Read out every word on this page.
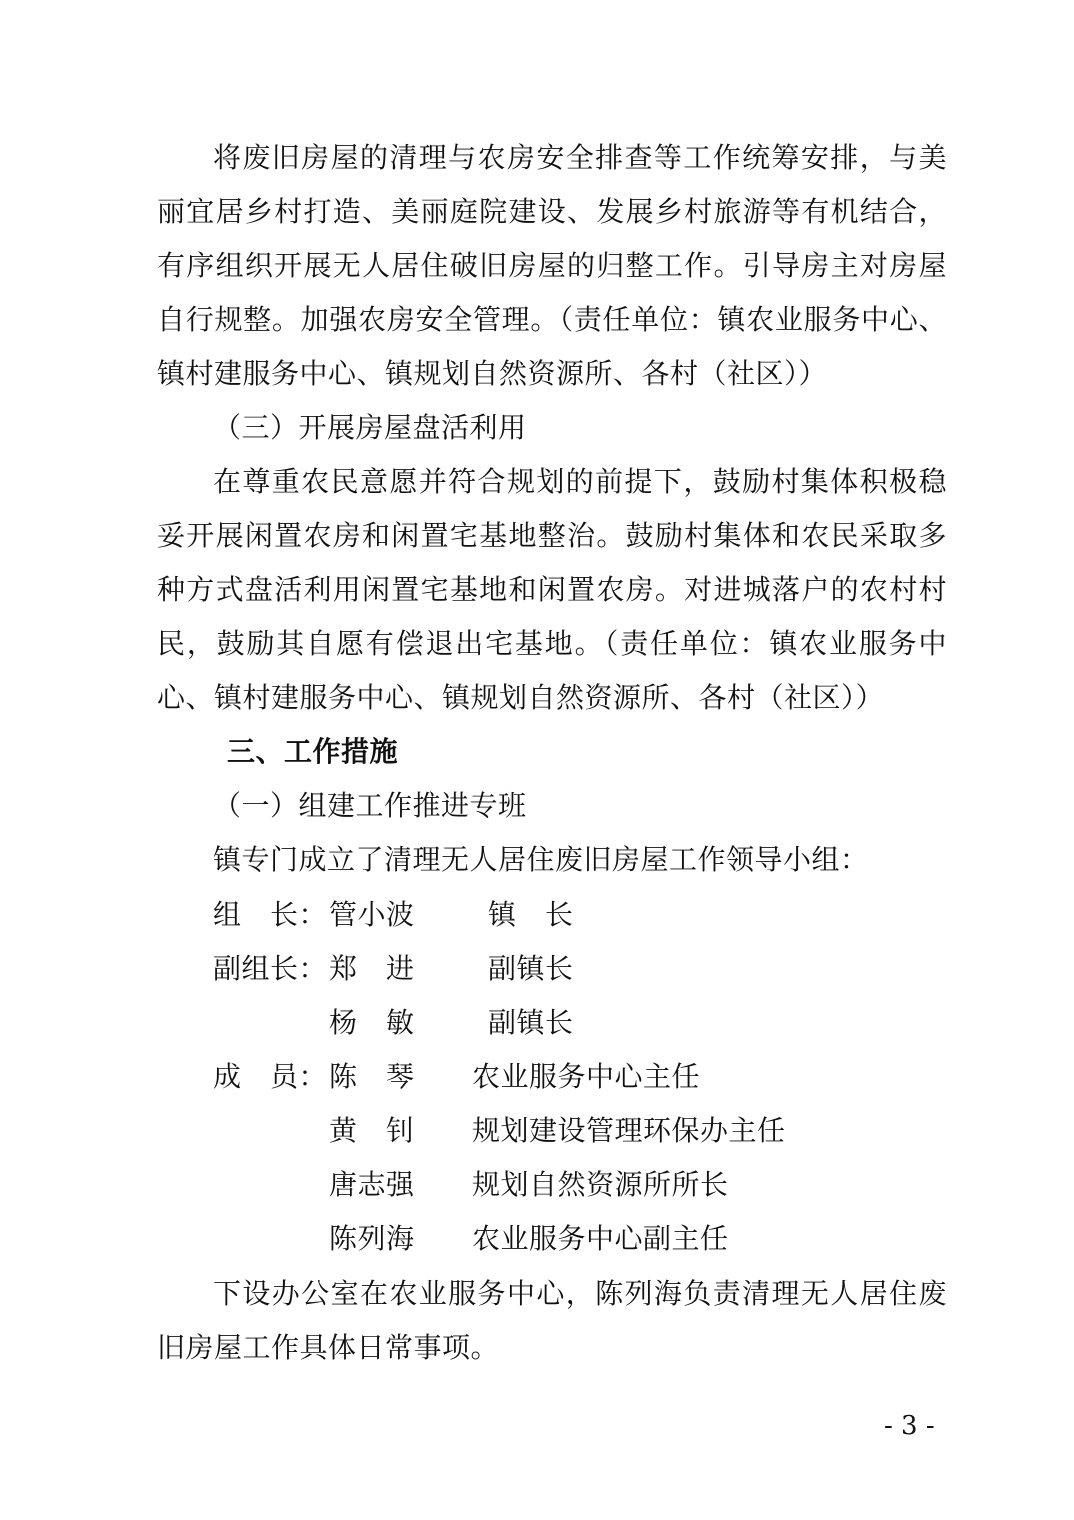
将废旧房屋的清理与农房安全排查等工作统筹安排，与美
丽宜居乡村打造、美丽庭院建设、发展乡村旅游等有机结合，
有序组织开展无人居住破旧房屋的归整工作。引导房主对房屋
自行规整。加强农房安全管理。（责任单位：镇农业服务中心、
镇村建服务中心、镇规划自然资源所、各村（社区））
（三）开展房屋盘活利用
在尊重农民意愿并符合规划的前提下，鼓励村集体积极稳
妥开展闲置农房和闲置宅基地整治。鼓励村集体和农民采取多
种方式盘活利用闲置宅基地和闲置农房。对进城落户的农村村
民，鼓励其自愿有偿退出宅基地。（责任单位：镇农业服务中
心、镇村建服务中心、镇规划自然资源所、各村（社区））
三、工作措施
（一）组建工作推进专班
镇专门成立了清理无人居住废旧房屋工作领导小组：
组　长： 管小波	镇　长
副组长： 郑　进	副镇长
杨　敏	副镇长
成　员： 陈　琴 农业服务中心主任
黄　钊 规划建设管理环保办主任
唐志强 规划自然资源所所长
陈列海 农业服务中心副主任
下设办公室在农业服务中心，陈列海负责清理无人居住废
旧房屋工作具体日常事项。
- 3 -
